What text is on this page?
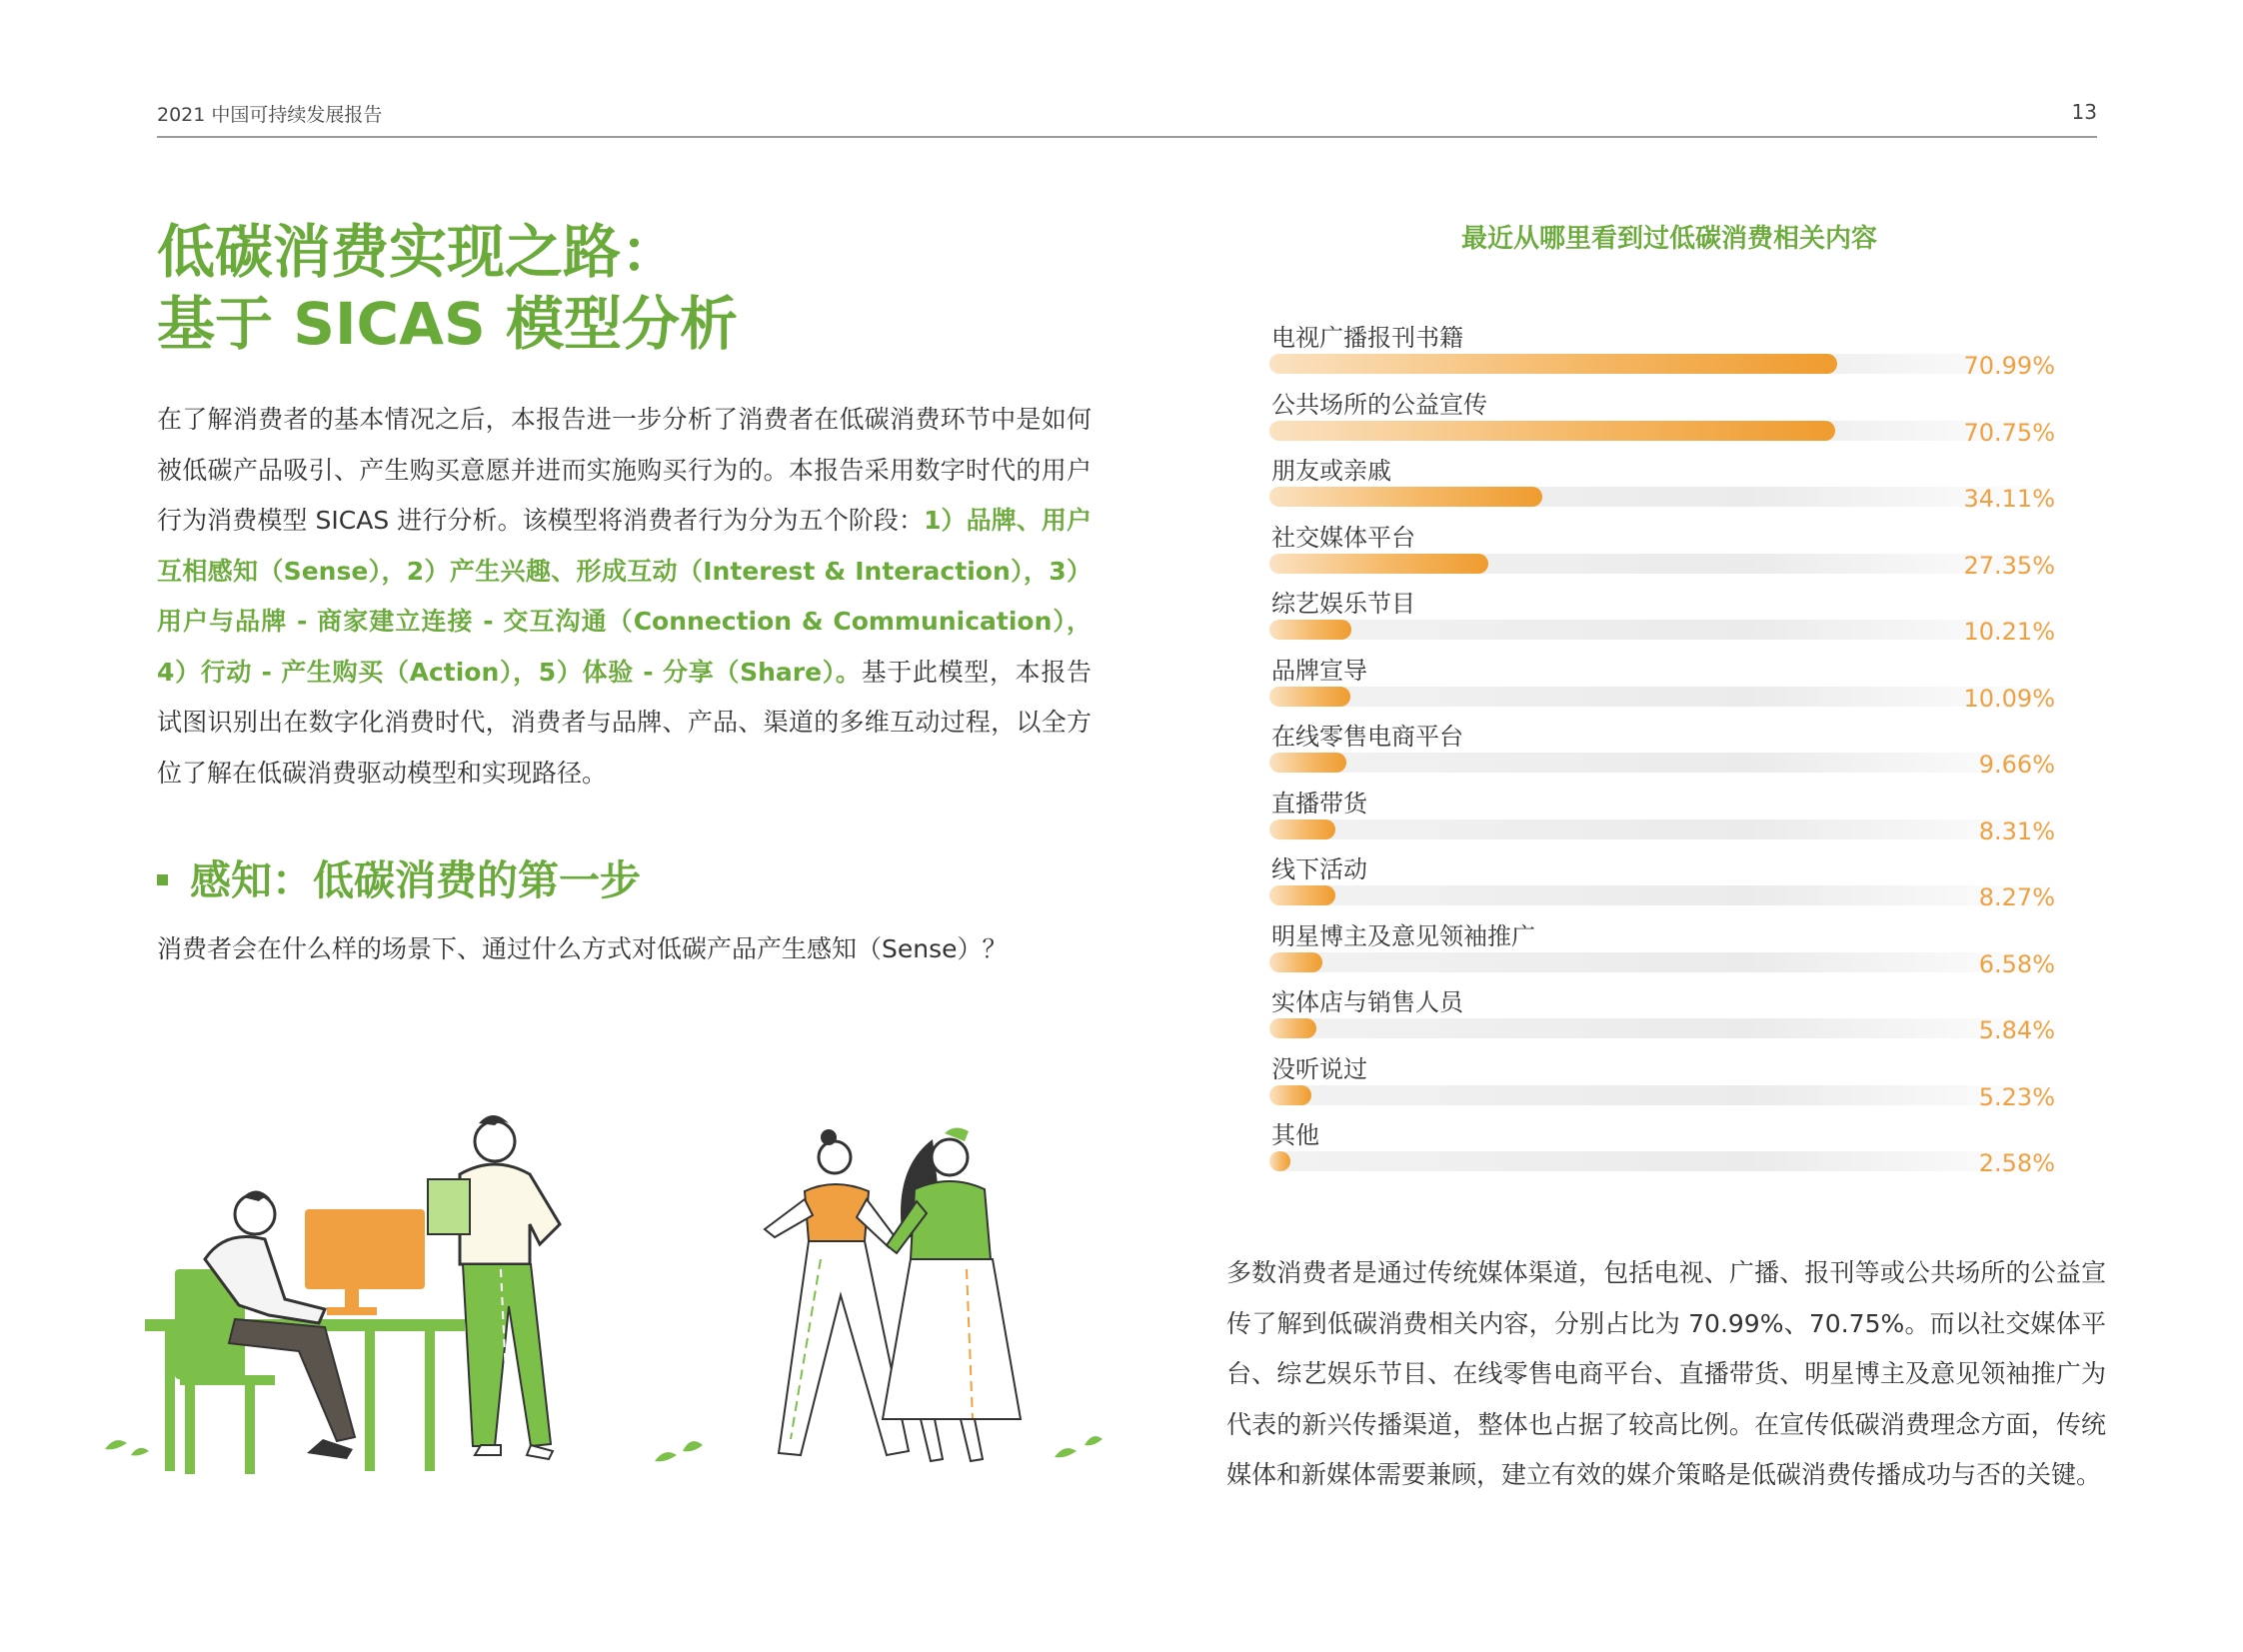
2021 中国可持续发展报告	13
低碳消费实现之路：
基于 SICAS 模型分析
在了解消费者的基本情况之后，本报告进一步分析了消费者在低碳消费环节中是如何被低碳产品吸引、产生购买意愿并进而实施购买行为的。本报告采用数字时代的用户行为消费模型 SICAS 进行分析。该模型将消费者行为分为五个阶段：1）品牌、用户互相感知（Sense），2）产生兴趣、形成互动（Interest & Interaction），3）用户与品牌 - 商家建立连接 - 交互沟通（Connection & Communication），4）行动 - 产生购买（Action），5）体验 - 分享（Share）。基于此模型，本报告试图识别出在数字化消费时代，消费者与品牌、产品、渠道的多维互动过程，以全方位了解在低碳消费驱动模型和实现路径。
感知：低碳消费的第一步
消费者会在什么样的场景下、通过什么方式对低碳产品产生感知（Sense）？
最近从哪里看到过低碳消费相关内容
电视广播报刊书籍
70.99%
公共场所的公益宣传
70.75%
朋友或亲戚
34.11%
社交媒体平台
27.35%
综艺娱乐节目
10.21%
品牌宣导
10.09%
在线零售电商平台
9.66%
直播带货
8.31%
线下活动
8.27%
明星博主及意见领袖推广
6.58%
实体店与销售人员
5.84%
没听说过
5.23%
其他
2.58%
多数消费者是通过传统媒体渠道，包括电视、广播、报刊等或公共场所的公益宣传了解到低碳消费相关内容，分别占比为 70.99%、70.75%。而以社交媒体平台、综艺娱乐节目、在线零售电商平台、直播带货、明星博主及意见领袖推广为代表的新兴传播渠道，整体也占据了较高比例。在宣传低碳消费理念方面，传统媒体和新媒体需要兼顾，建立有效的媒介策略是低碳消费传播成功与否的关键。
